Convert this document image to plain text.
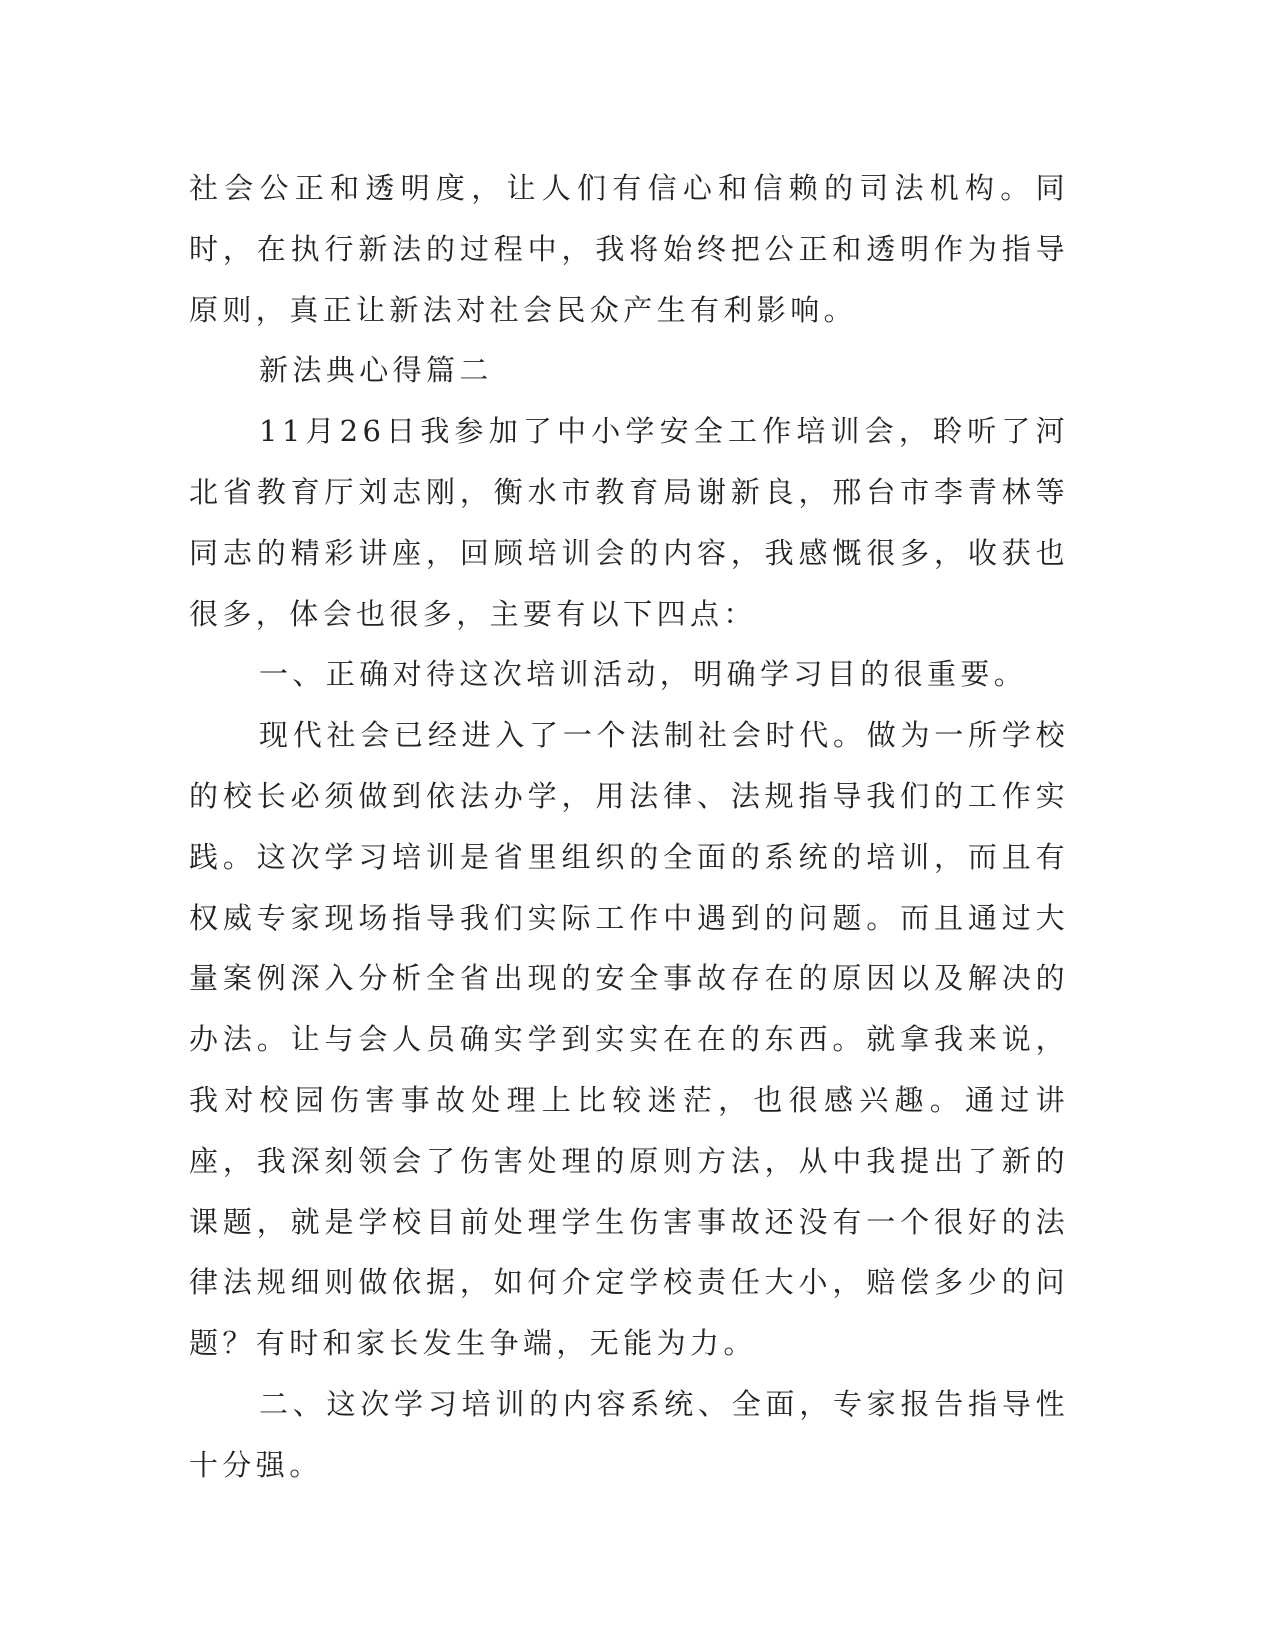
社会公正和透明度，让人们有信心和信赖的司法机构。同时，在执行新法的过程中，我将始终把公正和透明作为指导原则，真正让新法对社会民众产生有利影响。

新法典心得篇二

11月26日我参加了中小学安全工作培训会，聆听了河北省教育厅刘志刚，衡水市教育局谢新良，邢台市李青林等同志的精彩讲座，回顾培训会的内容，我感慨很多，收获也很多，体会也很多，主要有以下四点：

一、正确对待这次培训活动，明确学习目的很重要。

现代社会已经进入了一个法制社会时代。做为一所学校的校长必须做到依法办学，用法律、法规指导我们的工作实践。这次学习培训是省里组织的全面的系统的培训，而且有权威专家现场指导我们实际工作中遇到的问题。而且通过大量案例深入分析全省出现的安全事故存在的原因以及解决的办法。让与会人员确实学到实实在在的东西。就拿我来说，我对校园伤害事故处理上比较迷茫，也很感兴趣。通过讲座，我深刻领会了伤害处理的原则方法，从中我提出了新的课题，就是学校目前处理学生伤害事故还没有一个很好的法律法规细则做依据，如何介定学校责任大小，赔偿多少的问题？有时和家长发生争端，无能为力。

二、这次学习培训的内容系统、全面，专家报告指导性十分强。
